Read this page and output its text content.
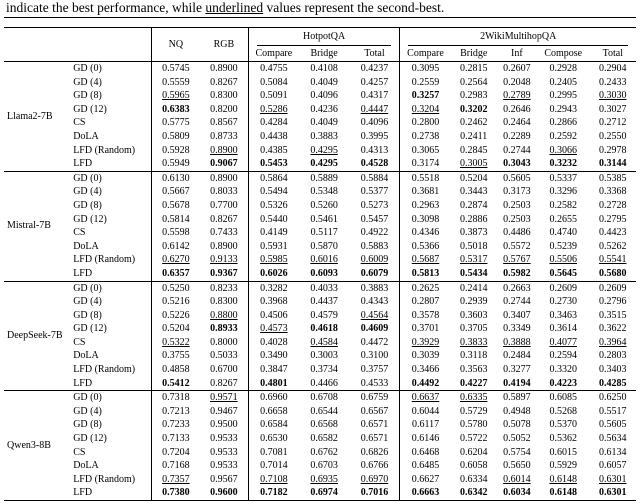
indicate the best performance, while underlined values represent the second-best.
		NQ	RGB	HotpotQA			2WikiMultihopQA				

				Compare	Bridge	Total	Compare	Bridge	Inf	Compose	Total
Llama2-7B	GD (0)	0.5745	0.8900	0.4755	0.4108	0.4237	0.3095	0.2815	0.2607	0.2928	0.2904
	GD (4)	0.5559	0.8267	0.5084	0.4049	0.4257	0.2559	0.2564	0.2048	0.2405	0.2433
	GD (8)	0.5965	0.8300	0.5091	0.4096	0.4317	0.3257	0.2983	0.2789	0.2995	0.3030
	GD (12)	0.6383	0.8200	0.5286	0.4236	0.4447	0.3204	0.3202	0.2646	0.2943	0.3027
	CS	0.5775	0.8567	0.4284	0.4049	0.4096	0.2800	0.2462	0.2464	0.2866	0.2712
	DoLA	0.5809	0.8733	0.4438	0.3883	0.3995	0.2738	0.2411	0.2289	0.2592	0.2550
	LFD (Random)	0.5928	0.8900	0.4385	0.4295	0.4313	0.3065	0.2845	0.2744	0.3066	0.2978
	LFD	0.5949	0.9067	0.5453	0.4295	0.4528	0.3174	0.3005	0.3043	0.3232	0.3144
Mistral-7B	GD (0)	0.6130	0.8900	0.5864	0.5889	0.5884	0.5518	0.5204	0.5605	0.5337	0.5385
	GD (4)	0.5667	0.8033	0.5494	0.5348	0.5377	0.3681	0.3443	0.3173	0.3296	0.3368
	GD (8)	0.5678	0.7700	0.5326	0.5260	0.5273	0.2963	0.2874	0.2503	0.2582	0.2728
	GD (12)	0.5814	0.8267	0.5440	0.5461	0.5457	0.3098	0.2886	0.2503	0.2655	0.2795
	CS	0.5598	0.7433	0.4149	0.5117	0.4922	0.4346	0.3873	0.4486	0.4740	0.4423
	DoLA	0.6142	0.8900	0.5931	0.5870	0.5883	0.5366	0.5018	0.5572	0.5239	0.5262
	LFD (Random)	0.6270	0.9133	0.5985	0.6016	0.6009	0.5687	0.5317	0.5767	0.5506	0.5541
	LFD	0.6357	0.9367	0.6026	0.6093	0.6079	0.5813	0.5434	0.5982	0.5645	0.5680
DeepSeek-7B	GD (0)	0.5250	0.8233	0.3282	0.4033	0.3883	0.2625	0.2414	0.2663	0.2609	0.2609
	GD (4)	0.5216	0.8300	0.3968	0.4437	0.4343	0.2807	0.2939	0.2744	0.2730	0.2796
	GD (8)	0.5226	0.8800	0.4506	0.4579	0.4564	0.3578	0.3603	0.3407	0.3463	0.3515
	GD (12)	0.5204	0.8933	0.4573	0.4618	0.4609	0.3701	0.3705	0.3349	0.3614	0.3622
	CS	0.5322	0.8000	0.4028	0.4584	0.4472	0.3929	0.3833	0.3888	0.4077	0.3964
	DoLA	0.3755	0.5033	0.3490	0.3003	0.3100	0.3039	0.3118	0.2484	0.2594	0.2803
	LFD (Random)	0.4858	0.6700	0.3847	0.3734	0.3757	0.3466	0.3563	0.3277	0.3320	0.3403
	LFD	0.5412	0.8267	0.4801	0.4466	0.4533	0.4492	0.4227	0.4194	0.4223	0.4285
Qwen3-8B	GD (0)	0.7318	0.9571	0.6960	0.6708	0.6759	0.6637	0.6335	0.5897	0.6085	0.6250
	GD (4)	0.7213	0.9467	0.6658	0.6544	0.6567	0.6044	0.5729	0.4948	0.5268	0.5517
	GD (8)	0.7233	0.9500	0.6584	0.6568	0.6571	0.6117	0.5780	0.5078	0.5370	0.5605
	GD (12)	0.7133	0.9533	0.6530	0.6582	0.6571	0.6146	0.5722	0.5052	0.5362	0.5634
	CS	0.7204	0.9533	0.7081	0.6762	0.6826	0.6468	0.6204	0.5754	0.6015	0.6134
	DoLA	0.7168	0.9533	0.7014	0.6703	0.6766	0.6485	0.6058	0.5650	0.5929	0.6057
	LFD (Random)	0.7357	0.9567	0.7108	0.6935	0.6970	0.6627	0.6334	0.6014	0.6148	0.6301
	LFD	0.7380	0.9600	0.7182	0.6974	0.7016	0.6663	0.6342	0.6034	0.6148	0.6301
